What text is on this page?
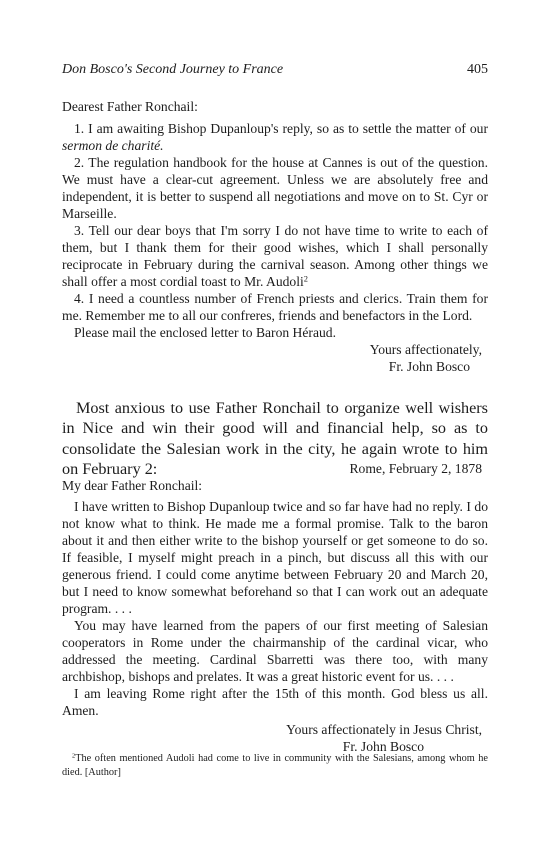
Don Bosco's Second Journey to France	405

Dearest Father Ronchail:

1. I am awaiting Bishop Dupanloup's reply, so as to settle the matter of our sermon de charité.

2. The regulation handbook for the house at Cannes is out of the question. We must have a clear-cut agreement. Unless we are absolutely free and independent, it is better to suspend all negotiations and move on to St. Cyr or Marseille.

3. Tell our dear boys that I'm sorry I do not have time to write to each of them, but I thank them for their good wishes, which I shall personally reciprocate in February during the carnival season. Among other things we shall offer a most cordial toast to Mr. Audoli$^2$

4. I need a countless number of French priests and clerics. Train them for me. Remember me to all our confreres, friends and benefactors in the Lord.

Please mail the enclosed letter to Baron Héraud.

Yours affectionately,

Fr. John Bosco

Most anxious to use Father Ronchail to organize well wishers in Nice and win their good will and financial help, so as to consolidate the Salesian work in the city, he again wrote to him on February 2:	Rome, February 2, 1878

My dear Father Ronchail:

I have written to Bishop Dupanloup twice and so far have had no reply. I do not know what to think. He made me a formal promise. Talk to the baron about it and then either write to the bishop yourself or get someone to do so. If feasible, I myself might preach in a pinch, but discuss all this with our generous friend. I could come anytime between February 20 and March 20, but I need to know somewhat beforehand so that I can work out an adequate program. . . .

You may have learned from the papers of our first meeting of Salesian cooperators in Rome under the chairmanship of the cardinal vicar, who addressed the meeting. Cardinal Sbarretti was there too, with many archbishop, bishops and prelates. It was a great historic event for us. . . .

I am leaving Rome right after the 15th of this month. God bless us all. Amen.

Yours affectionately in Jesus Christ,

Fr. John Bosco

$^2$The often mentioned Audoli had come to live in community with the Salesians, among whom he died. [Author]
